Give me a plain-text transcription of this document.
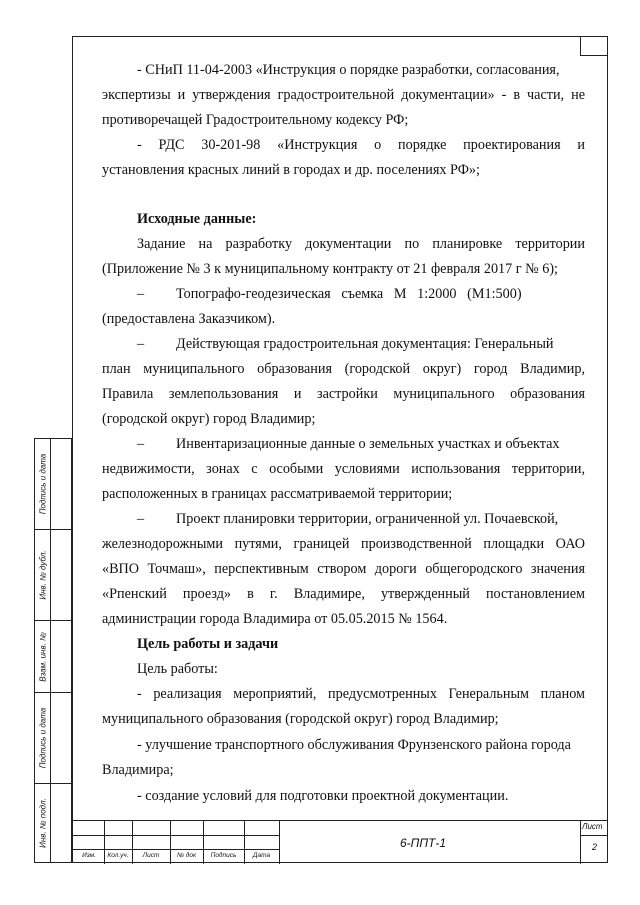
- СНиП 11-04-2003 «Инструкция о порядке разработки, согласования,
экспертизы и утверждения градостроительной документации» - в части, не
противоречащей Градостроительному кодексу РФ;
- РДС 30-201-98 «Инструкция о порядке проектирования и
установления красных линий в городах и др. поселениях РФ»;
Исходные данные:
Задание на разработку документации по планировке территории
(Приложение № 3 к муниципальному контракту от 21 февраля 2017 г № 6);
–         Топографо-геодезическая   съемка   М   1:2000   (М1:500)
(предоставлена Заказчиком).
–         Действующая градостроительная документация: Генеральный
план муниципального образования (городской округ) город Владимир,
Правила землепользования и застройки муниципального образования
(городской округ) город Владимир;
–         Инвентаризационные данные о земельных участках и объектах
недвижимости, зонах с особыми условиями использования территории,
расположенных в границах рассматриваемой территории;
–         Проект планировки территории, ограниченной ул. Почаевской,
железнодорожными путями, границей производственной площадки ОАО
«ВПО Точмаш», перспективным створом дороги общегородского значения
«Рпенский проезд» в г. Владимире, утвержденный постановлением
администрации города Владимира от 05.05.2015 № 1564.
Цель работы и задачи
Цель работы:
- реализация мероприятий, предусмотренных Генеральным планом
муниципального образования (городской округ) город Владимир;
- улучшение транспортного обслуживания Фрунзенского района города
Владимира;
- создание условий для подготовки проектной документации.
Подпись и дата
Инв. № дубл.
Взам. инв. №
Подпись и дата
Инв. № подл.
Изм.	Кол.уч.	Лист	№ док	Подпись	Дата
6-ППТ-1
Лист
2
